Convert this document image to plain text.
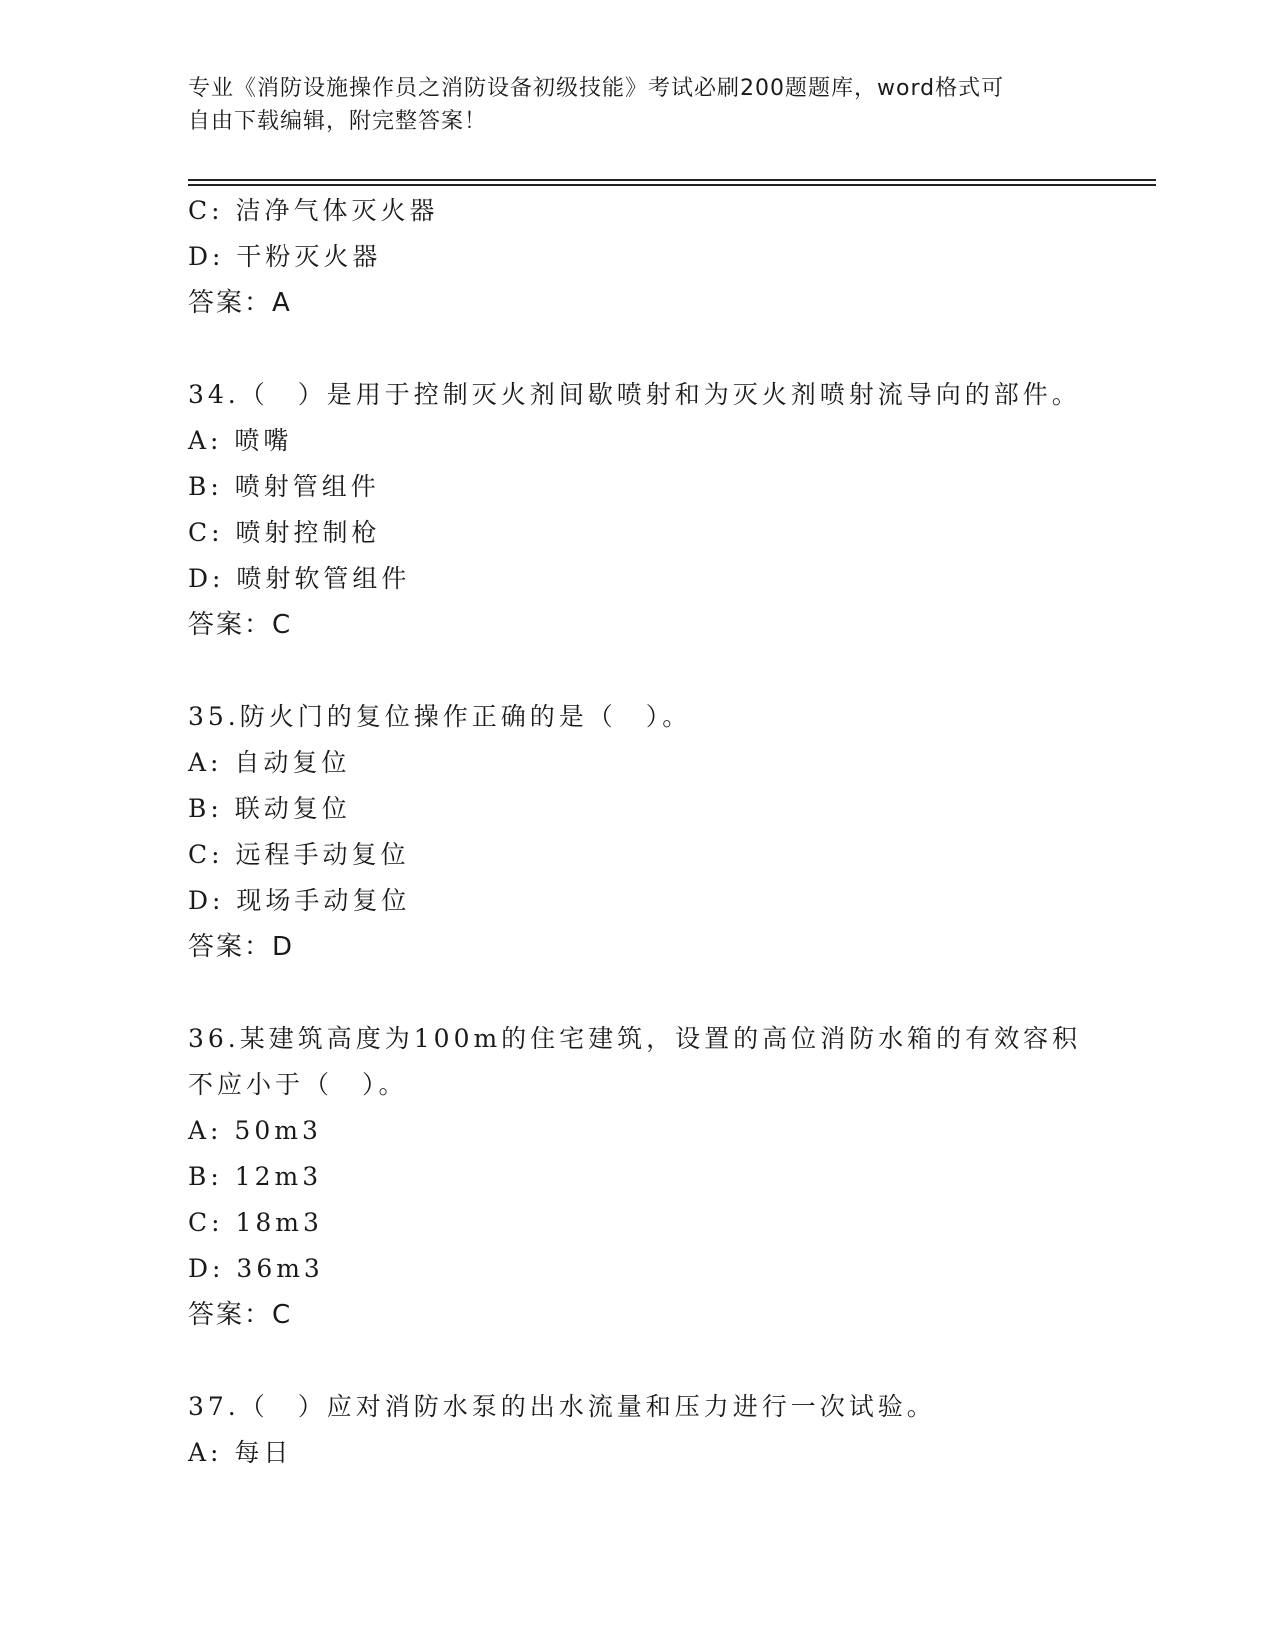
专业《消防设施操作员之消防设备初级技能》考试必刷200题题库，word格式可
自由下载编辑，附完整答案！
C: 洁净气体灭火器
D: 干粉灭火器
答案：A
34.（　）是用于控制灭火剂间歇喷射和为灭火剂喷射流导向的部件。
A: 喷嘴
B: 喷射管组件
C: 喷射控制枪
D: 喷射软管组件
答案：C
35.防火门的复位操作正确的是（　）。
A: 自动复位
B: 联动复位
C: 远程手动复位
D: 现场手动复位
答案：D
36.某建筑高度为100m的住宅建筑，设置的高位消防水箱的有效容积
不应小于（　）。
A: 50m3
B: 12m3
C: 18m3
D: 36m3
答案：C
37.（　）应对消防水泵的出水流量和压力进行一次试验。
A: 每日
